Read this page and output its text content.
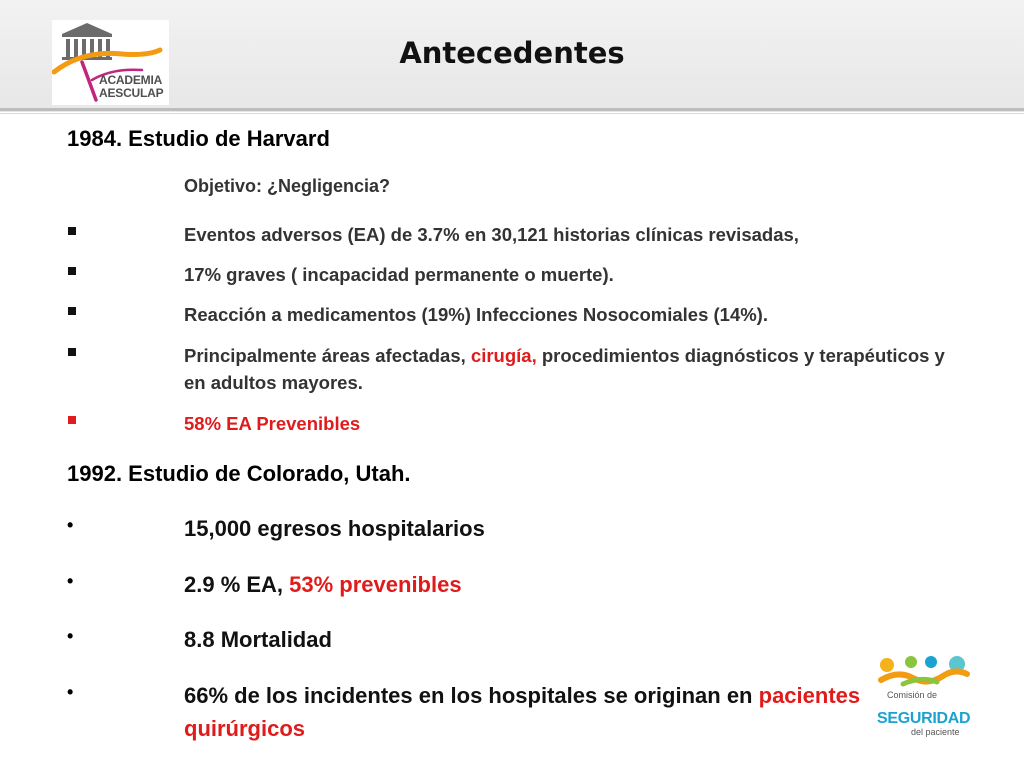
ACADEMIA
AESCULAP
Antecedentes
1984. Estudio de Harvard
Objetivo: ¿Negligencia?
Eventos adversos (EA) de 3.7% en 30,121 historias clínicas revisadas,
17% graves ( incapacidad permanente o muerte).
Reacción a medicamentos (19%) Infecciones Nosocomiales (14%).
Principalmente áreas afectadas, cirugía, procedimientos diagnósticos y terapéuticos y en adultos mayores.
58% EA Prevenibles
1992. Estudio de Colorado, Utah.
•	15,000 egresos hospitalarios
•	2.9 % EA, 53% prevenibles
•	8.8 Mortalidad
•	66% de los incidentes en los hospitales se originan en pacientes quirúrgicos
Comisión de
SEGURIDAD
del paciente
